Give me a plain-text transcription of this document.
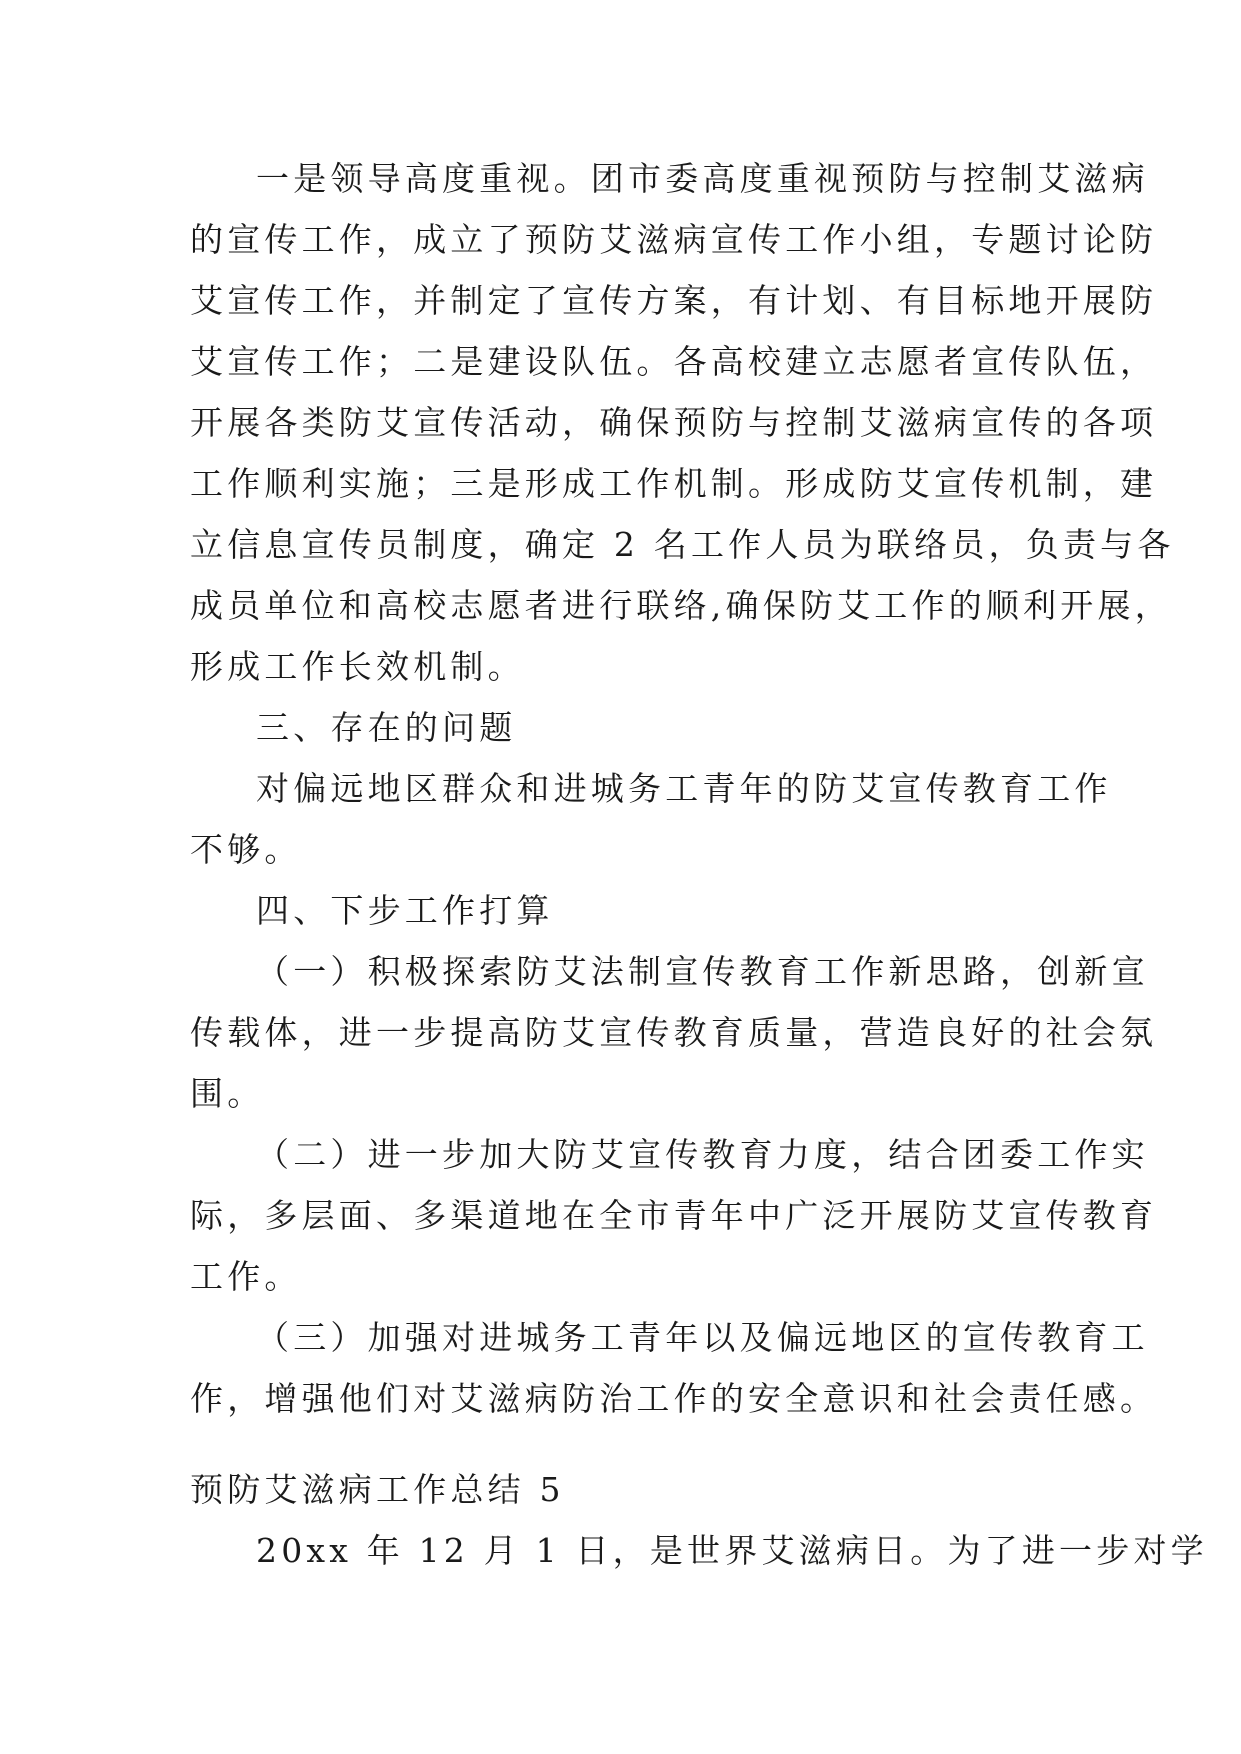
一是领导高度重视。团市委高度重视预防与控制艾滋病
的宣传工作，成立了预防艾滋病宣传工作小组，专题讨论防
艾宣传工作，并制定了宣传方案，有计划、有目标地开展防
艾宣传工作；二是建设队伍。各高校建立志愿者宣传队伍，
开展各类防艾宣传活动，确保预防与控制艾滋病宣传的各项
工作顺利实施；三是形成工作机制。形成防艾宣传机制，建
立信息宣传员制度，确定 2 名工作人员为联络员，负责与各
成员单位和高校志愿者进行联络,确保防艾工作的顺利开展，
形成工作长效机制。
三、存在的问题
对偏远地区群众和进城务工青年的防艾宣传教育工作
不够。
四、下步工作打算
（一）积极探索防艾法制宣传教育工作新思路，创新宣
传载体，进一步提高防艾宣传教育质量，营造良好的社会氛
围。
（二）进一步加大防艾宣传教育力度，结合团委工作实
际，多层面、多渠道地在全市青年中广泛开展防艾宣传教育
工作。
（三）加强对进城务工青年以及偏远地区的宣传教育工
作，增强他们对艾滋病防治工作的安全意识和社会责任感。
预防艾滋病工作总结 5
20xx 年 12 月 1 日，是世界艾滋病日。为了进一步对学
